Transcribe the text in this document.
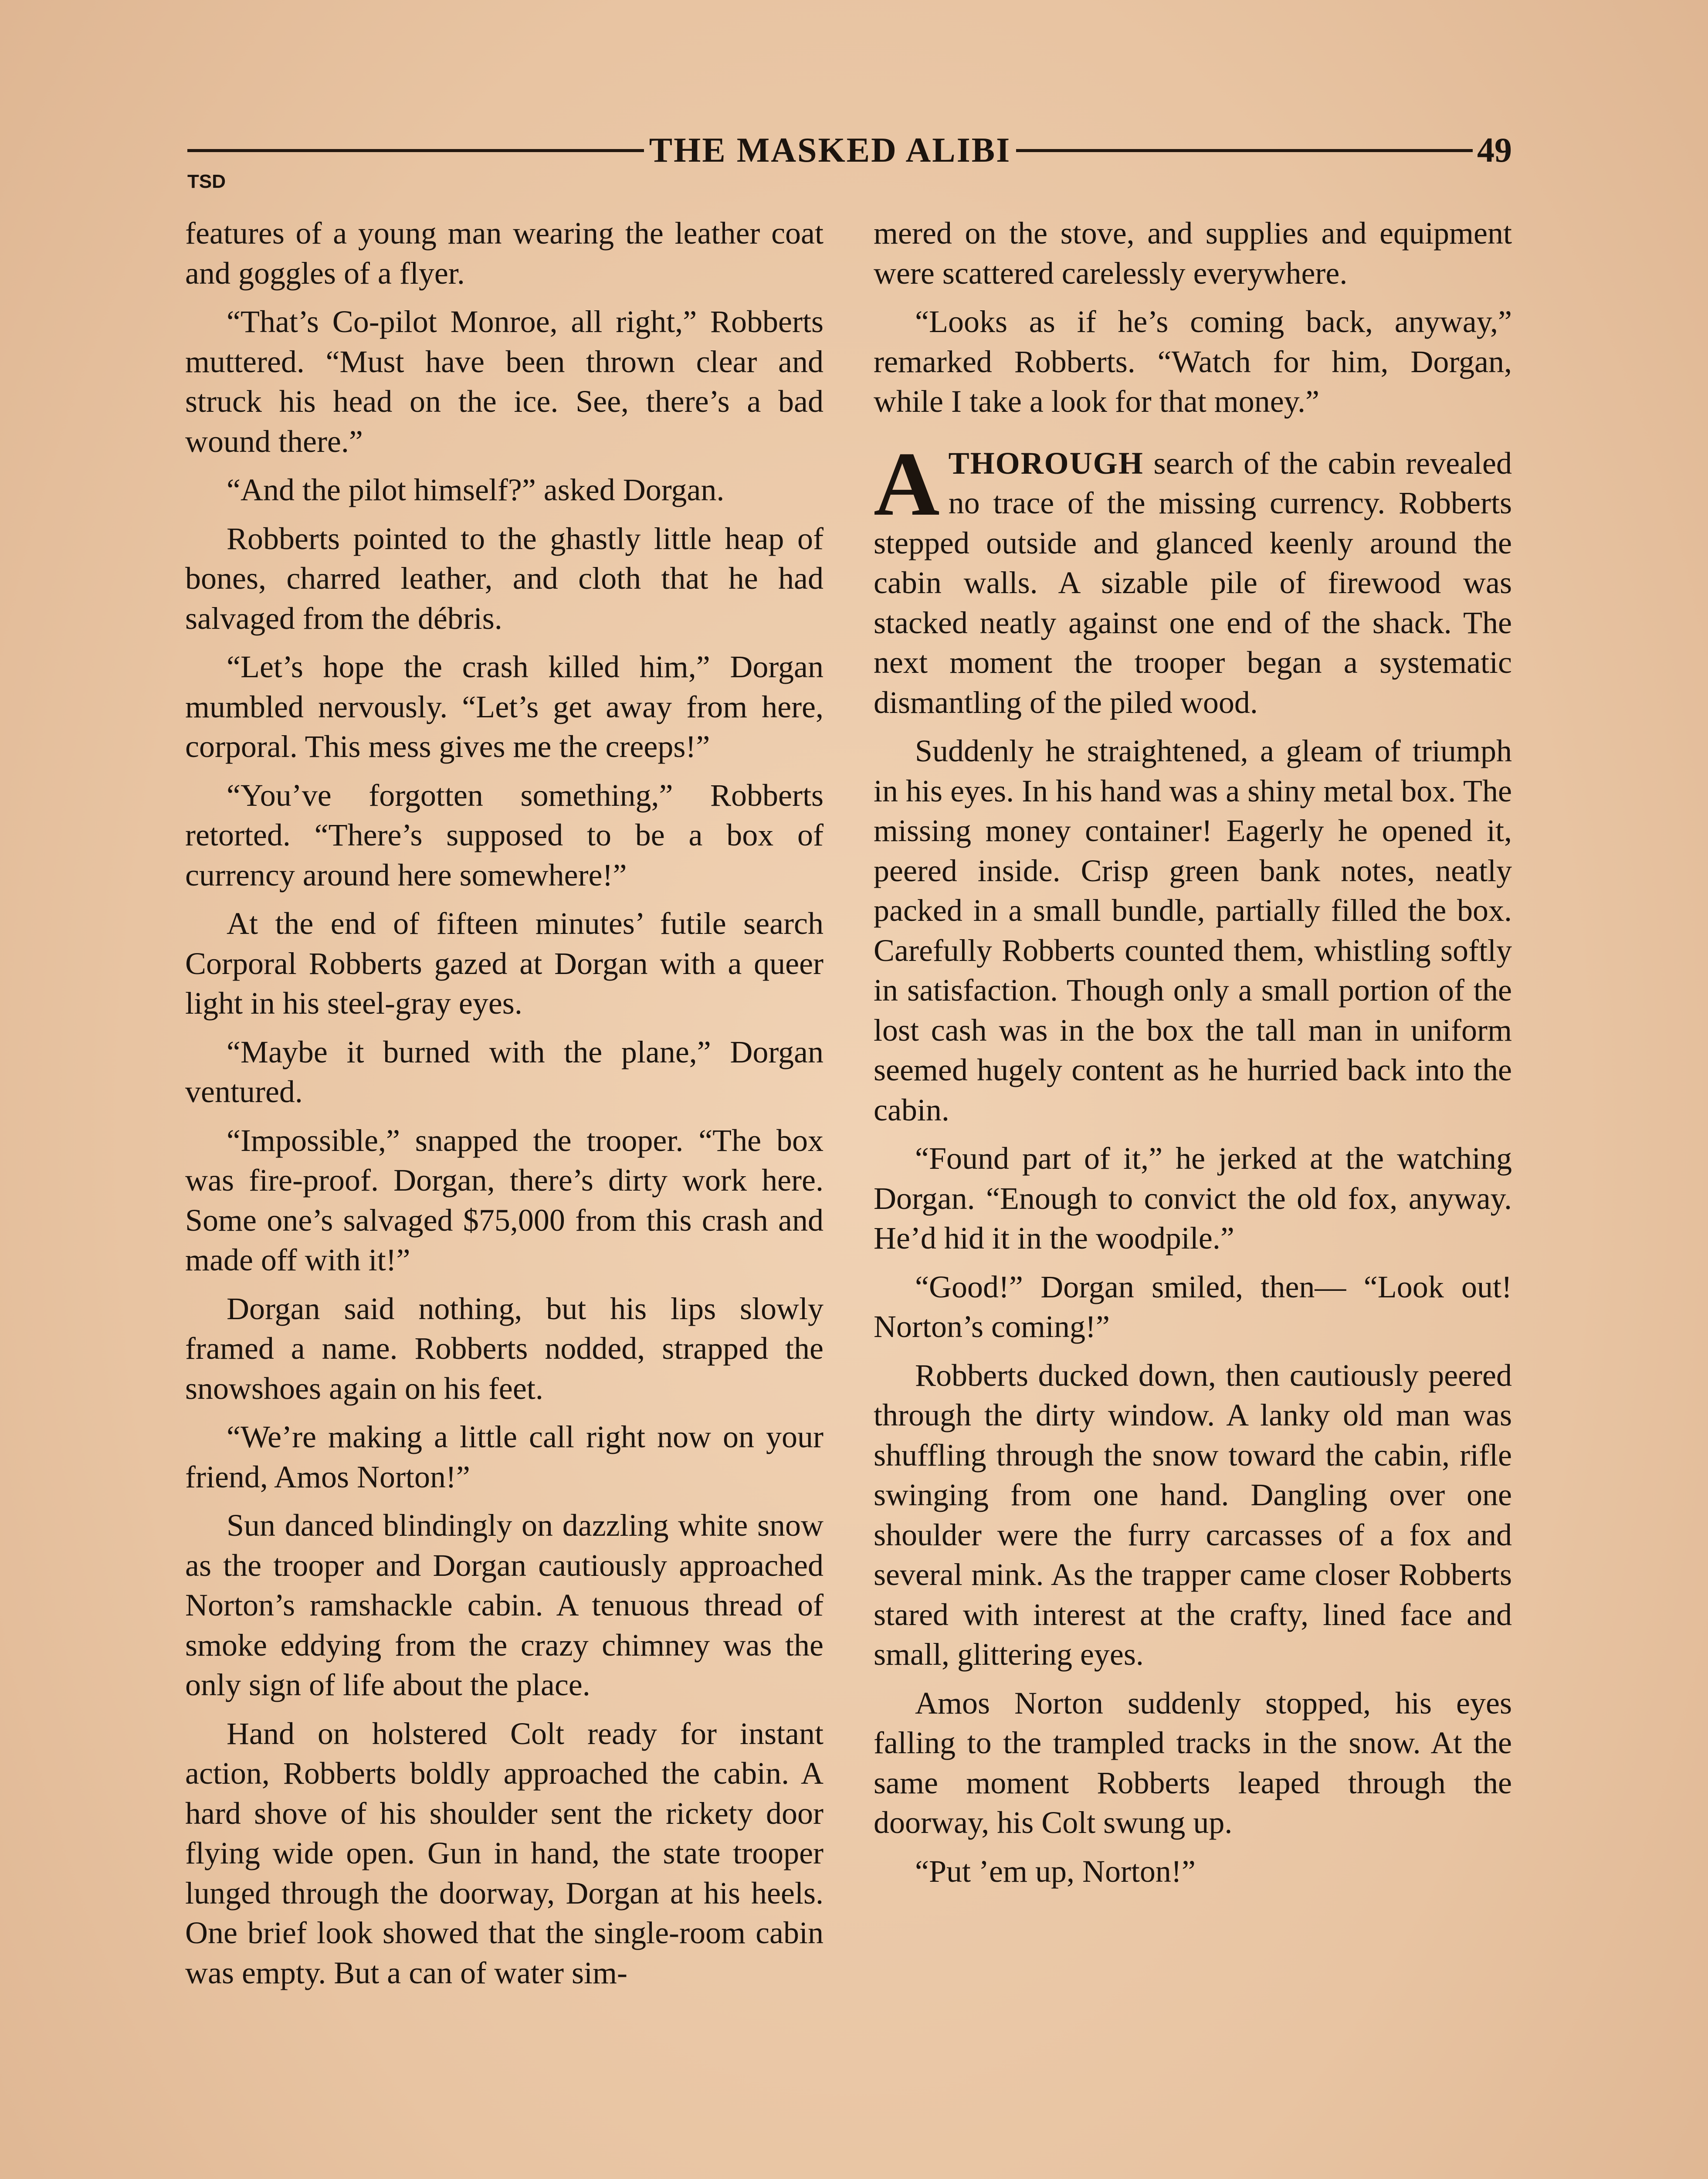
THE MASKED ALIBI	49
TSD

features of a young man wearing the leather coat and goggles of a flyer.

“That’s Co-pilot Monroe, all right,” Robberts muttered. “Must have been thrown clear and struck his head on the ice. See, there’s a bad wound there.”

“And the pilot himself?” asked Dorgan.

Robberts pointed to the ghastly little heap of bones, charred leather, and cloth that he had salvaged from the débris.

“Let’s hope the crash killed him,” Dorgan mumbled nervously. “Let’s get away from here, corporal. This mess gives me the creeps!”

“You’ve forgotten something,” Robberts retorted. “There’s supposed to be a box of currency around here somewhere!”

At the end of fifteen minutes’ futile search Corporal Robberts gazed at Dorgan with a queer light in his steel-gray eyes.

“Maybe it burned with the plane,” Dorgan ventured.

“Impossible,” snapped the trooper. “The box was fire-proof. Dorgan, there’s dirty work here. Some one’s salvaged $75,000 from this crash and made off with it!”

Dorgan said nothing, but his lips slowly framed a name. Robberts nodded, strapped the snowshoes again on his feet.

“We’re making a little call right now on your friend, Amos Norton!”

Sun danced blindingly on dazzling white snow as the trooper and Dorgan cautiously approached Norton’s ramshackle cabin. A tenuous thread of smoke eddying from the crazy chimney was the only sign of life about the place.

Hand on holstered Colt ready for instant action, Robberts boldly approached the cabin. A hard shove of his shoulder sent the rickety door flying wide open. Gun in hand, the state trooper lunged through the doorway, Dorgan at his heels. One brief look showed that the single-room cabin was empty. But a can of water sim-

mered on the stove, and supplies and equipment were scattered carelessly everywhere.

“Looks as if he’s coming back, anyway,” remarked Robberts. “Watch for him, Dorgan, while I take a look for that money.”

ATHOROUGH search of the cabin revealed no trace of the missing currency. Robberts stepped outside and glanced keenly around the cabin walls. A sizable pile of firewood was stacked neatly against one end of the shack. The next moment the trooper began a systematic dismantling of the piled wood.

Suddenly he straightened, a gleam of triumph in his eyes. In his hand was a shiny metal box. The missing money container! Eagerly he opened it, peered inside. Crisp green bank notes, neatly packed in a small bundle, partially filled the box. Carefully Robberts counted them, whistling softly in satisfaction. Though only a small portion of the lost cash was in the box the tall man in uniform seemed hugely content as he hurried back into the cabin.

“Found part of it,” he jerked at the watching Dorgan. “Enough to convict the old fox, anyway. He’d hid it in the woodpile.”

“Good!” Dorgan smiled, then— “Look out! Norton’s coming!”

Robberts ducked down, then cautiously peered through the dirty window. A lanky old man was shuffling through the snow toward the cabin, rifle swinging from one hand. Dangling over one shoulder were the furry carcasses of a fox and several mink. As the trapper came closer Robberts stared with interest at the crafty, lined face and small, glittering eyes.

Amos Norton suddenly stopped, his eyes falling to the trampled tracks in the snow. At the same moment Robberts leaped through the doorway, his Colt swung up.

“Put ’em up, Norton!”
